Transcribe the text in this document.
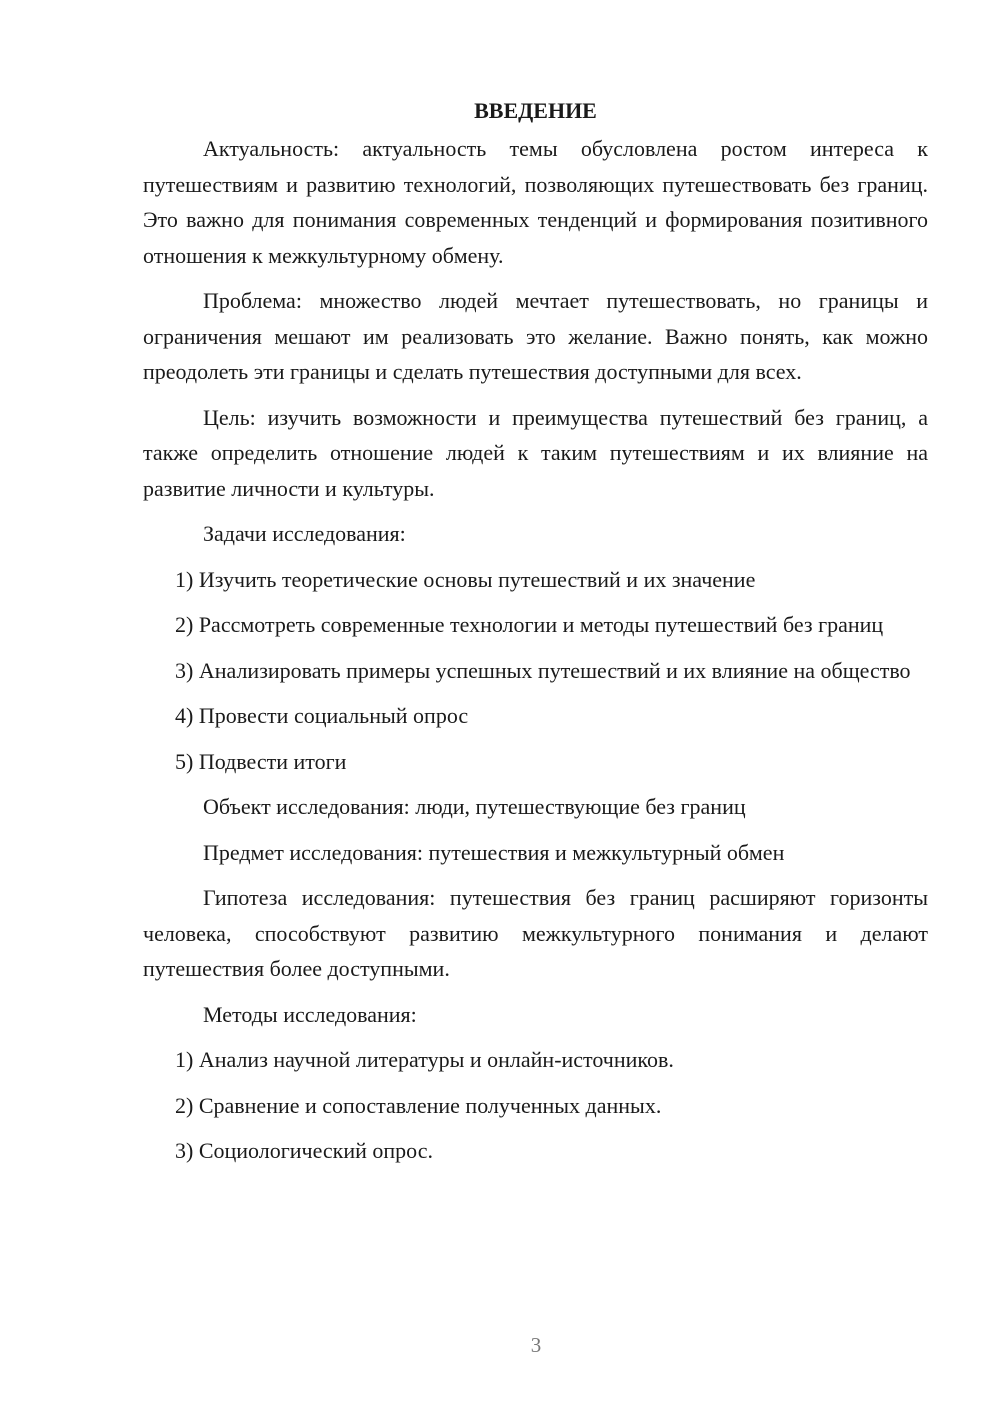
ВВЕДЕНИЕ

Актуальность: актуальность темы обусловлена ростом интереса к путешествиям и развитию технологий, позволяющих путешествовать без границ. Это важно для понимания современных тенденций и формирования позитивного отношения к межкультурному обмену.

Проблема: множество людей мечтает путешествовать, но границы и ограничения мешают им реализовать это желание. Важно понять, как можно преодолеть эти границы и сделать путешествия доступными для всех.

Цель: изучить возможности и преимущества путешествий без границ, а также определить отношение людей к таким путешествиям и их влияние на развитие личности и культуры.

Задачи исследования:

1) Изучить теоретические основы путешествий и их значение

2) Рассмотреть современные технологии и методы путешествий без границ

3) Анализировать примеры успешных путешествий и их влияние на общество

4) Провести социальный опрос

5) Подвести итоги

Объект исследования: люди, путешествующие без границ

Предмет исследования: путешествия и межкультурный обмен

Гипотеза исследования: путешествия без границ расширяют горизонты человека, способствуют развитию межкультурного понимания и делают путешествия более доступными.

Методы исследования:

1) Анализ научной литературы и онлайн-источников.

2) Сравнение и сопоставление полученных данных.

3) Социологический опрос.

3
